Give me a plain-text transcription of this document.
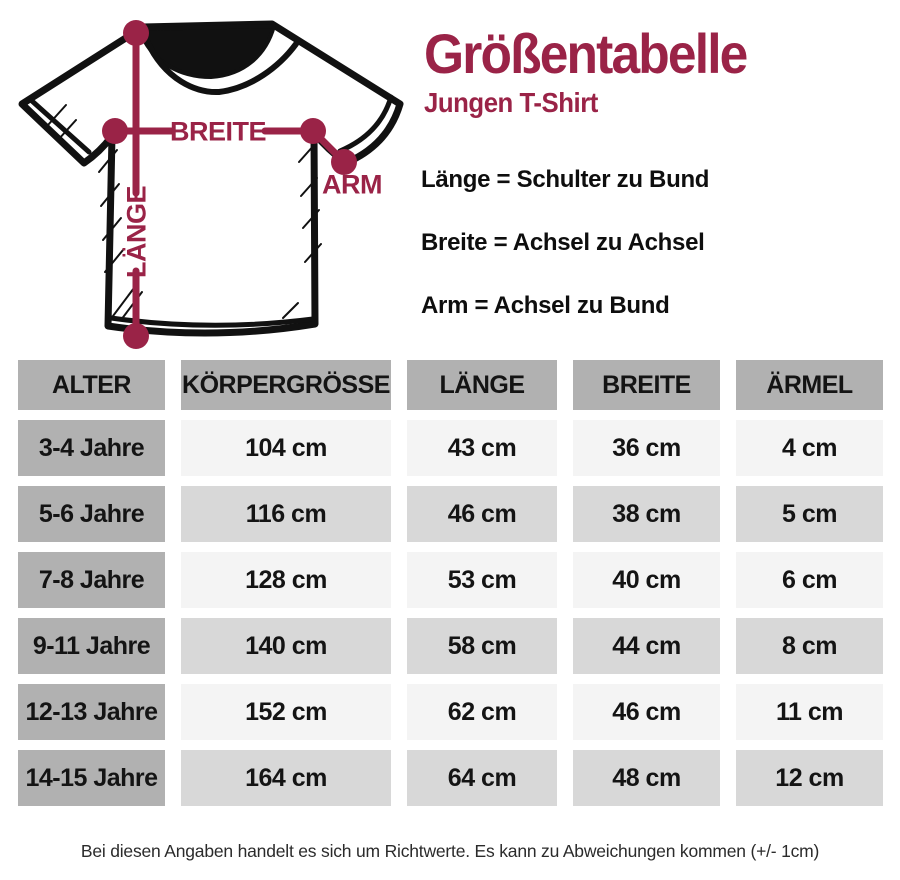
BREITE
ARM
LÄNGE
Größentabelle
Jungen T-Shirt
Länge = Schulter zu Bund
Breite = Achsel zu Achsel
Arm = Achsel zu Bund
ALTER	KÖRPERGRÖSSE	LÄNGE	BREITE	ÄRMEL
3-4 Jahre	104 cm	43 cm	36 cm	4 cm
5-6 Jahre	116 cm	46 cm	38 cm	5 cm
7-8 Jahre	128 cm	53 cm	40 cm	6 cm
9-11 Jahre	140 cm	58 cm	44 cm	8 cm
12-13 Jahre	152 cm	62 cm	46 cm	11 cm
14-15 Jahre	164 cm	64 cm	48 cm	12 cm
Bei diesen Angaben handelt es sich um Richtwerte. Es kann zu Abweichungen kommen (+/- 1cm)
